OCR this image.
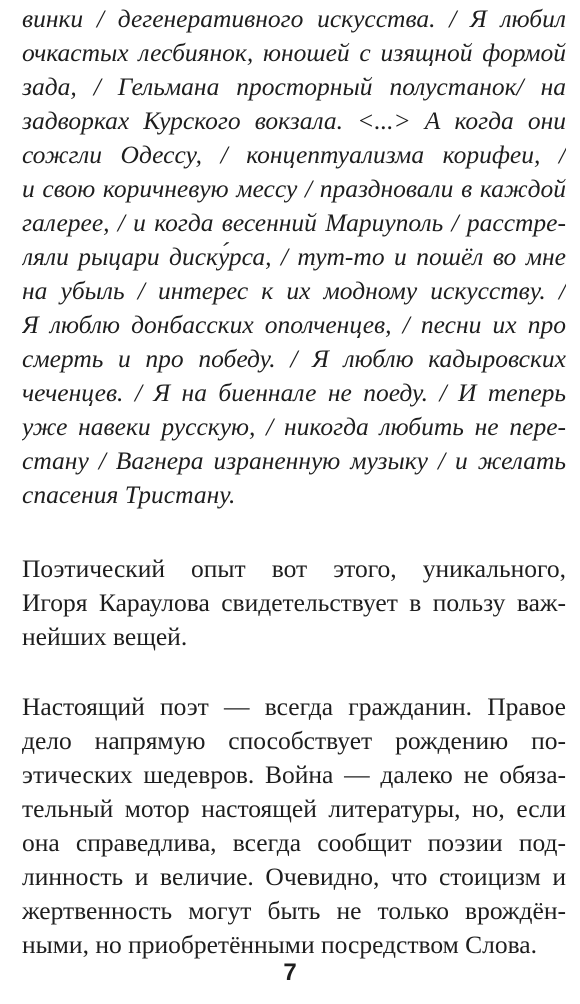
винки / дегенеративного искусства. / Я любил
очкастых лесбиянок, юношей с изящной формой
зада, / Гельмана просторный полустанок/ на
задворках Курского вокзала. <...> А когда они
сожгли Одессу, / концептуализма корифеи, /
и свою коричневую мессу / праздновали в каждой
галерее, / и когда весенний Мариуполь / расстре-
ляли рыцари диску́рса, / тут-то и пошёл во мне
на убыль / интерес к их модному искусству. /
Я люблю донбасских ополченцев, / песни их про
смерть и про победу. / Я люблю кадыровских
чеченцев. / Я на биеннале не поеду. / И теперь
уже навеки русскую, / никогда любить не пере-
стану / Вагнера израненную музыку / и желать
спасения Тристану.
Поэтический опыт вот этого, уникального,
Игоря Караулова свидетельствует в пользу важ-
нейших вещей.
Настоящий поэт — всегда гражданин. Правое
дело напрямую способствует рождению по-
этических шедевров. Война — далеко не обяза-
тельный мотор настоящей литературы, но, если
она справедлива, всегда сообщит поэзии под-
линность и величие. Очевидно, что стоицизм и
жертвенность могут быть не только врождён-
ными, но приобретёнными посредством Слова.
7
